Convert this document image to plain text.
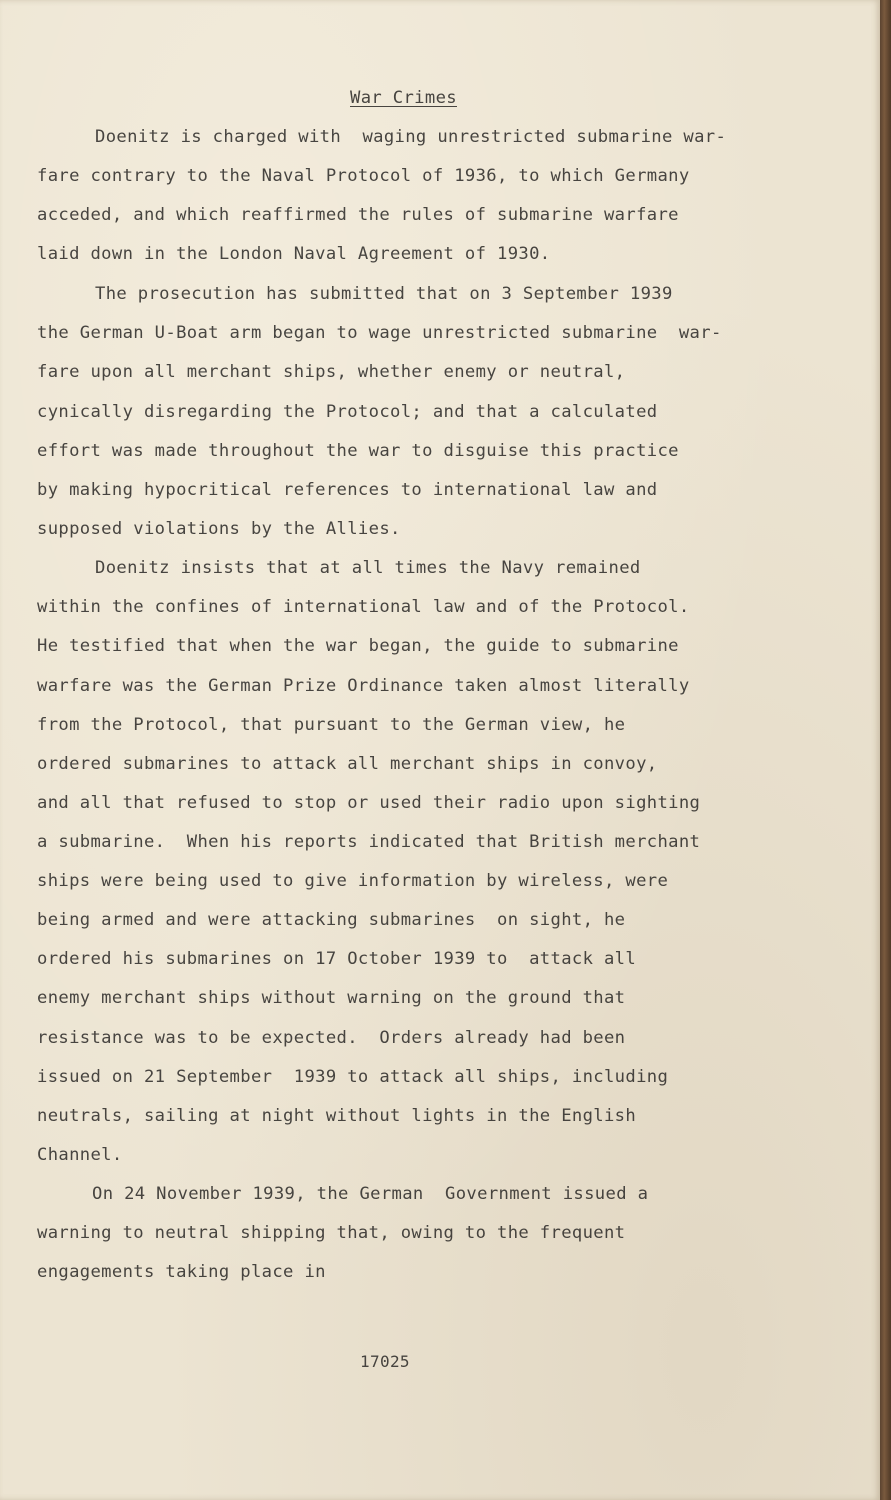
War Crimes
Doenitz is charged with  waging unrestricted submarine war-
fare contrary to the Naval Protocol of 1936, to which Germany
acceded, and which reaffirmed the rules of submarine warfare
laid down in the London Naval Agreement of 1930.
The prosecution has submitted that on 3 September 1939
the German U-Boat arm began to wage unrestricted submarine  war-
fare upon all merchant ships, whether enemy or neutral,
cynically disregarding the Protocol; and that a calculated
effort was made throughout the war to disguise this practice
by making hypocritical references to international law and
supposed violations by the Allies.
Doenitz insists that at all times the Navy remained
within the confines of international law and of the Protocol.
He testified that when the war began, the guide to submarine
warfare was the German Prize Ordinance taken almost literally
from the Protocol, that pursuant to the German view, he
ordered submarines to attack all merchant ships in convoy,
and all that refused to stop or used their radio upon sighting
a submarine.  When his reports indicated that British merchant
ships were being used to give information by wireless, were
being armed and were attacking submarines  on sight, he
ordered his submarines on 17 October 1939 to  attack all
enemy merchant ships without warning on the ground that
resistance was to be expected.  Orders already had been
issued on 21 September  1939 to attack all ships, including
neutrals, sailing at night without lights in the English
Channel.
On 24 November 1939, the German  Government issued a
warning to neutral shipping that, owing to the frequent
engagements taking place in
17025
